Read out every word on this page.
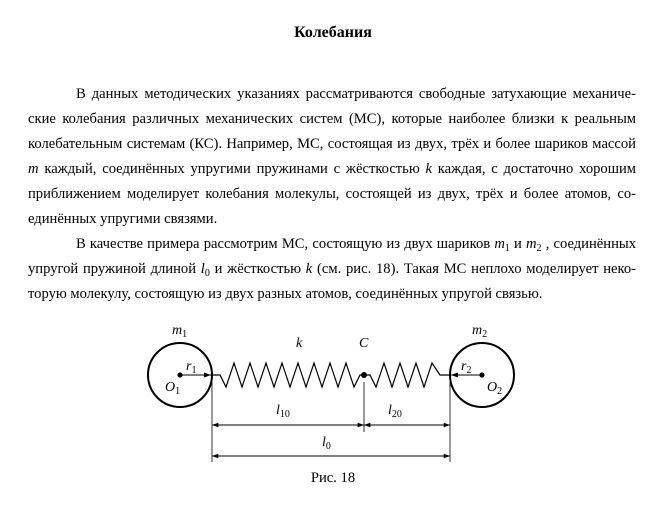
Колебания
В данных методических указаниях рассматриваются свободные затухающие механиче-
ские колебания различных механических систем (МС), которые наиболее близки к реальным
колебательным системам (КС). Например, МС, состоящая из двух, трёх и более шариков массой
m каждый, соединённых упругими пружинами с жёсткостью k каждая, с достаточно хорошим
приближением моделирует колебания молекулы, состоящей из двух, трёх и более атомов, со-
единённых упругими связями.
В качестве примера рассмотрим МС, состоящую из двух шариков $m_1$ и $m_2$ , соединённых
упругой пружиной длиной $l_0$ и жёсткостью k (см. рис. 18). Такая МС неплохо моделирует неко-
торую молекулу, состоящую из двух разных атомов, соединённых упругой связью.
$m_1$	$m_2$
k	C
$r_1$	$r_2$
$O_1$	$O_2$
$l_{10}$	$l_{20}$
$l_0$
Рис. 18
